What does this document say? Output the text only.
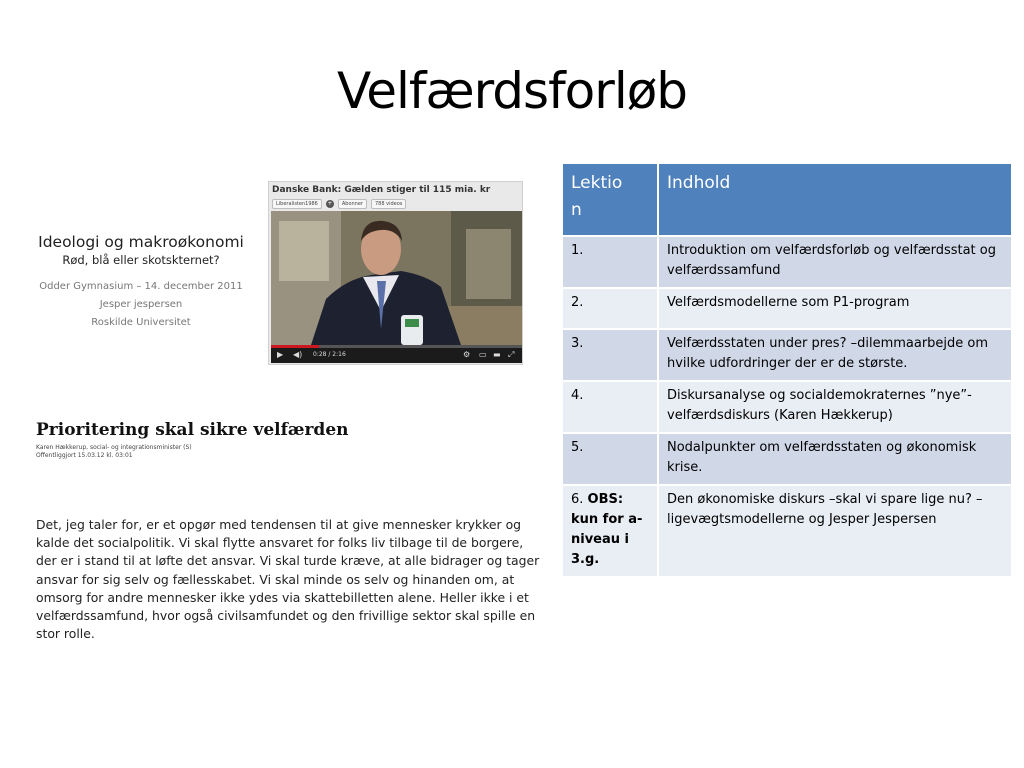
Velfærdsforløb
Ideologi og makroøkonomi
Rød, blå eller skotskternet?
Odder Gymnasium – 14. december 2011
Jesper jespersen
Roskilde Universitet
Danske Bank: Gælden stiger til 115 mia. kr
Liberalisten1986	+	Abonner	788 videos
▶ ◀) 0:28 / 2:16	⚙ ▭ ▬ ⤢
Prioritering skal sikre velfærden
Karen Hækkerup, social- og integrationsminister (S)
Offentliggjort 15.03.12 kl. 03:01
Det, jeg taler for, er et opgør med tendensen til at give mennesker krykker og kalde det socialpolitik. Vi skal flytte ansvaret for folks liv tilbage til de borgere, der er i stand til at løfte det ansvar. Vi skal turde kræve, at alle bidrager og tager ansvar for sig selv og fællesskabet. Vi skal minde os selv og hinanden om, at omsorg for andre mennesker ikke ydes via skattebilletten alene. Heller ikke i et velfærdssamfund, hvor også civilsamfundet og den frivillige sektor skal spille en stor rolle.
Lektio
n	Indhold
1.	Introduktion om velfærdsforløb og velfærdsstat og velfærdssamfund
2.	Velfærdsmodellerne som P1-program
3.	Velfærdsstaten under pres? –dilemmaarbejde om hvilke udfordringer der er de største.
4.	Diskursanalyse og socialdemokraternes ”nye”-velfærdsdiskurs (Karen Hækkerup)
5.	Nodalpunkter om velfærdsstaten og økonomisk krise.
6. OBS: kun for a-niveau i 3.g.	Den økonomiske diskurs –skal vi spare lige nu? – ligevægtsmodellerne og Jesper Jespersen
